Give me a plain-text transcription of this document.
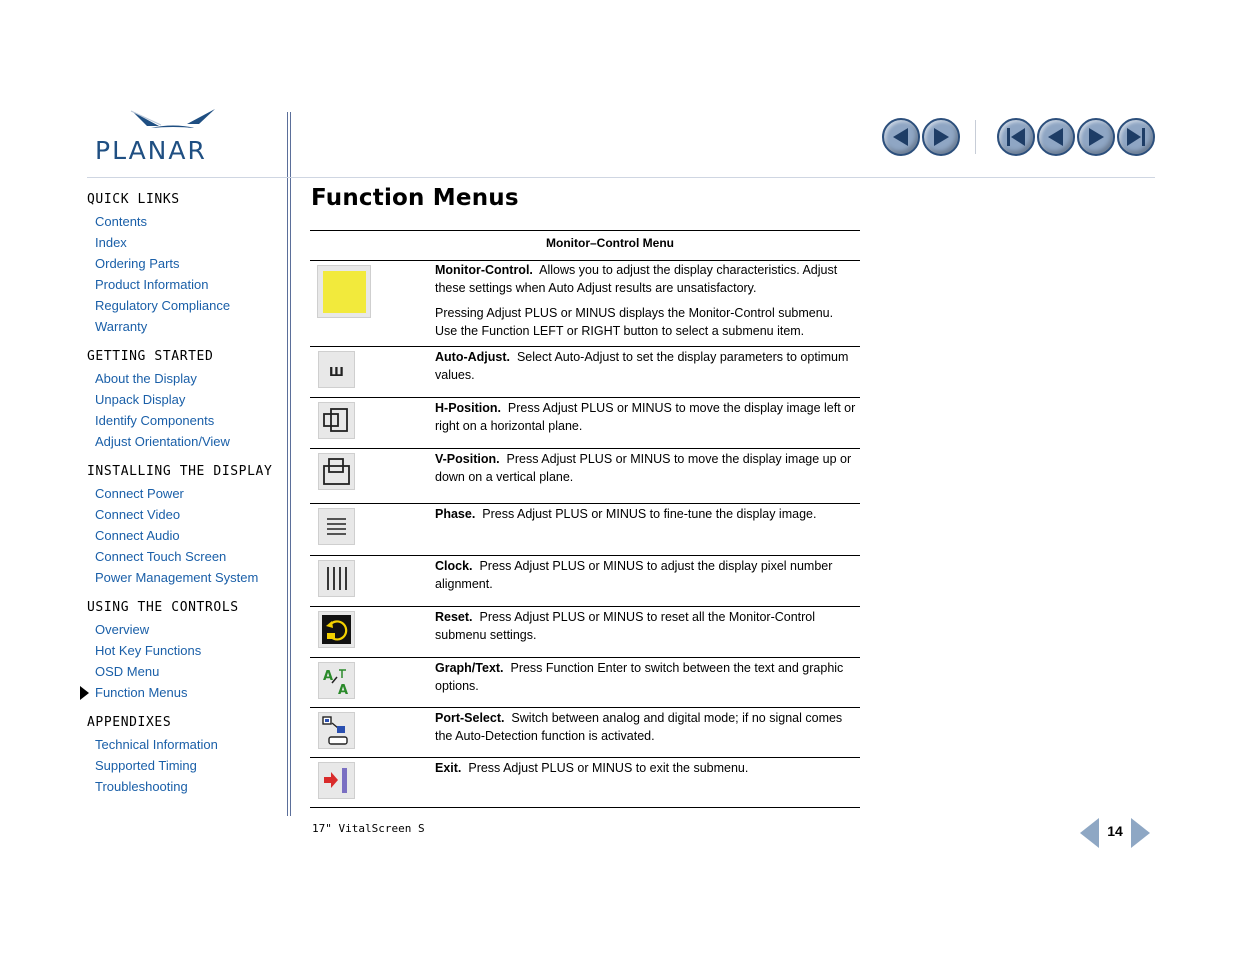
PLANAR
QUICK LINKS
Contents
Index
Ordering Parts
Product Information
Regulatory Compliance
Warranty
GETTING STARTED
About the Display
Unpack Display
Identify Components
Adjust Orientation/View
INSTALLING THE DISPLAY
Connect Power
Connect Video
Connect Audio
Connect Touch Screen
Power Management System
USING THE CONTROLS
Overview
Hot Key Functions
OSD Menu
Function Menus
APPENDIXES
Technical Information
Supported Timing
Troubleshooting
Function Menus
Monitor–Control Menu

Monitor-Control. Allows you to adjust the display characteristics. Adjust these settings when Auto Adjust results are unsatisfactory.

Pressing Adjust PLUS or MINUS displays the Monitor-Control submenu. Use the Function LEFT or RIGHT button to select a submenu item.

Ш
Auto-Adjust. Select Auto-Adjust to set the display parameters to optimum values.
H-Position. Press Adjust PLUS or MINUS to move the display image left or right on a horizontal plane.
V-Position. Press Adjust PLUS or MINUS to move the display image up or down on a vertical plane.
Phase. Press Adjust PLUS or MINUS to fine-tune the display image.
Clock. Press Adjust PLUS or MINUS to adjust the display pixel number alignment.
Reset. Press Adjust PLUS or MINUS to reset all the Monitor-Control submenu settings.
A
A
Graph/Text. Press Function Enter to switch between the text and graphic options.
Port-Select. Switch between analog and digital mode; if no signal comes the Auto-Detection function is activated.
Exit. Press Adjust PLUS or MINUS to exit the submenu.
17" VitalScreen S	14
